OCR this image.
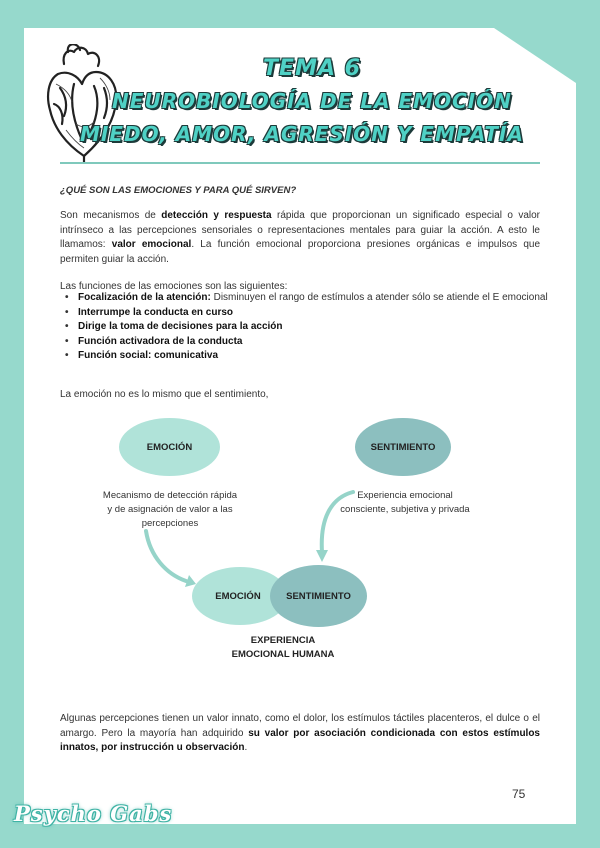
TEMA 6
NEUROBIOLOGÍA DE LA EMOCIÓN
MIEDO, AMOR, AGRESIÓN Y EMPATÍA
¿QUÉ SON LAS EMOCIONES Y PARA QUÉ SIRVEN?
Son mecanismos de detección y respuesta rápida que proporcionan un significado especial o valor intrínseco a las percepciones sensoriales o representaciones mentales para guiar la acción. A esto le llamamos: valor emocional. La función emocional proporciona presiones orgánicas e impulsos que permiten guiar la acción.
Las funciones de las emociones son las siguientes:
• Focalización de la atención: Disminuyen el rango de estímulos a atender sólo se atiende el E emocional
• Interrumpe la conducta en curso
• Dirige la toma de decisiones para la acción
• Función activadora de la conducta
• Función social: comunicativa
La emoción no es lo mismo que el sentimiento,
EMOCIÓN	SENTIMIENTO
Mecanismo de detección rápida y de asignación de valor a las percepciones
Experiencia emocional consciente, subjetiva y privada
EMOCIÓN	SENTIMIENTO
EXPERIENCIA EMOCIONAL HUMANA
Algunas percepciones tienen un valor innato, como el dolor, los estímulos táctiles placenteros, el dulce o el amargo. Pero la mayoría han adquirido su valor por asociación condicionada con estos estímulos innatos, por instrucción u observación.
75
Psycho Gabs
